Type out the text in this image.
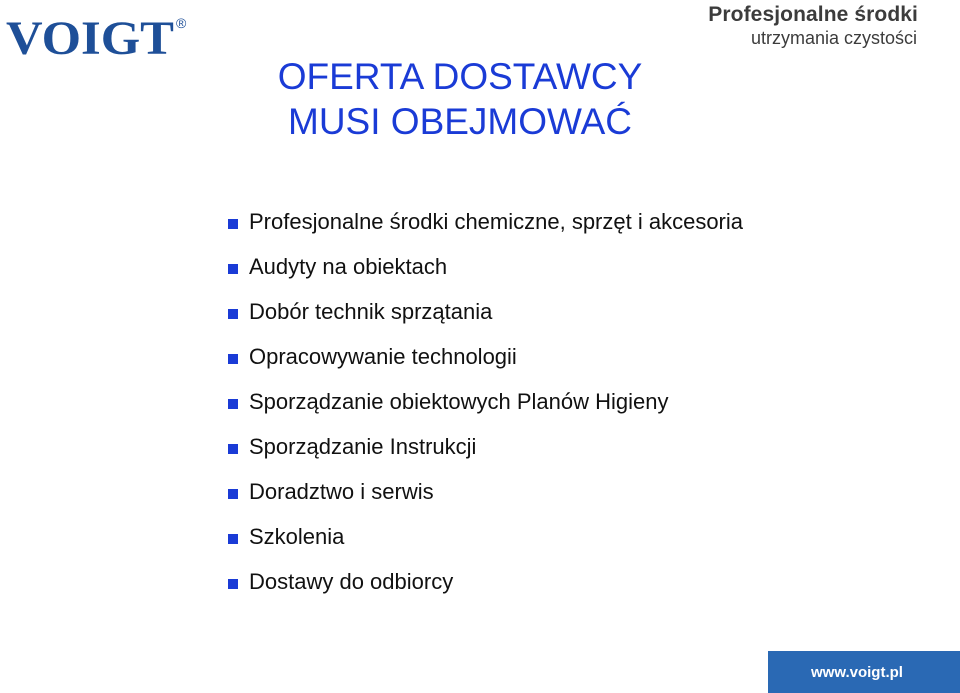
VOIGT ®	Profesjonalne środki
utrzymania czystości
OFERTA DOSTAWCY
MUSI OBEJMOWAĆ
Profesjonalne środki chemiczne, sprzęt i akcesoria
Audyty na obiektach
Dobór technik sprzątania
Opracowywanie technologii
Sporządzanie obiektowych Planów Higieny
Sporządzanie Instrukcji
Doradztwo i serwis
Szkolenia
Dostawy do odbiorcy
www.voigt.pl
